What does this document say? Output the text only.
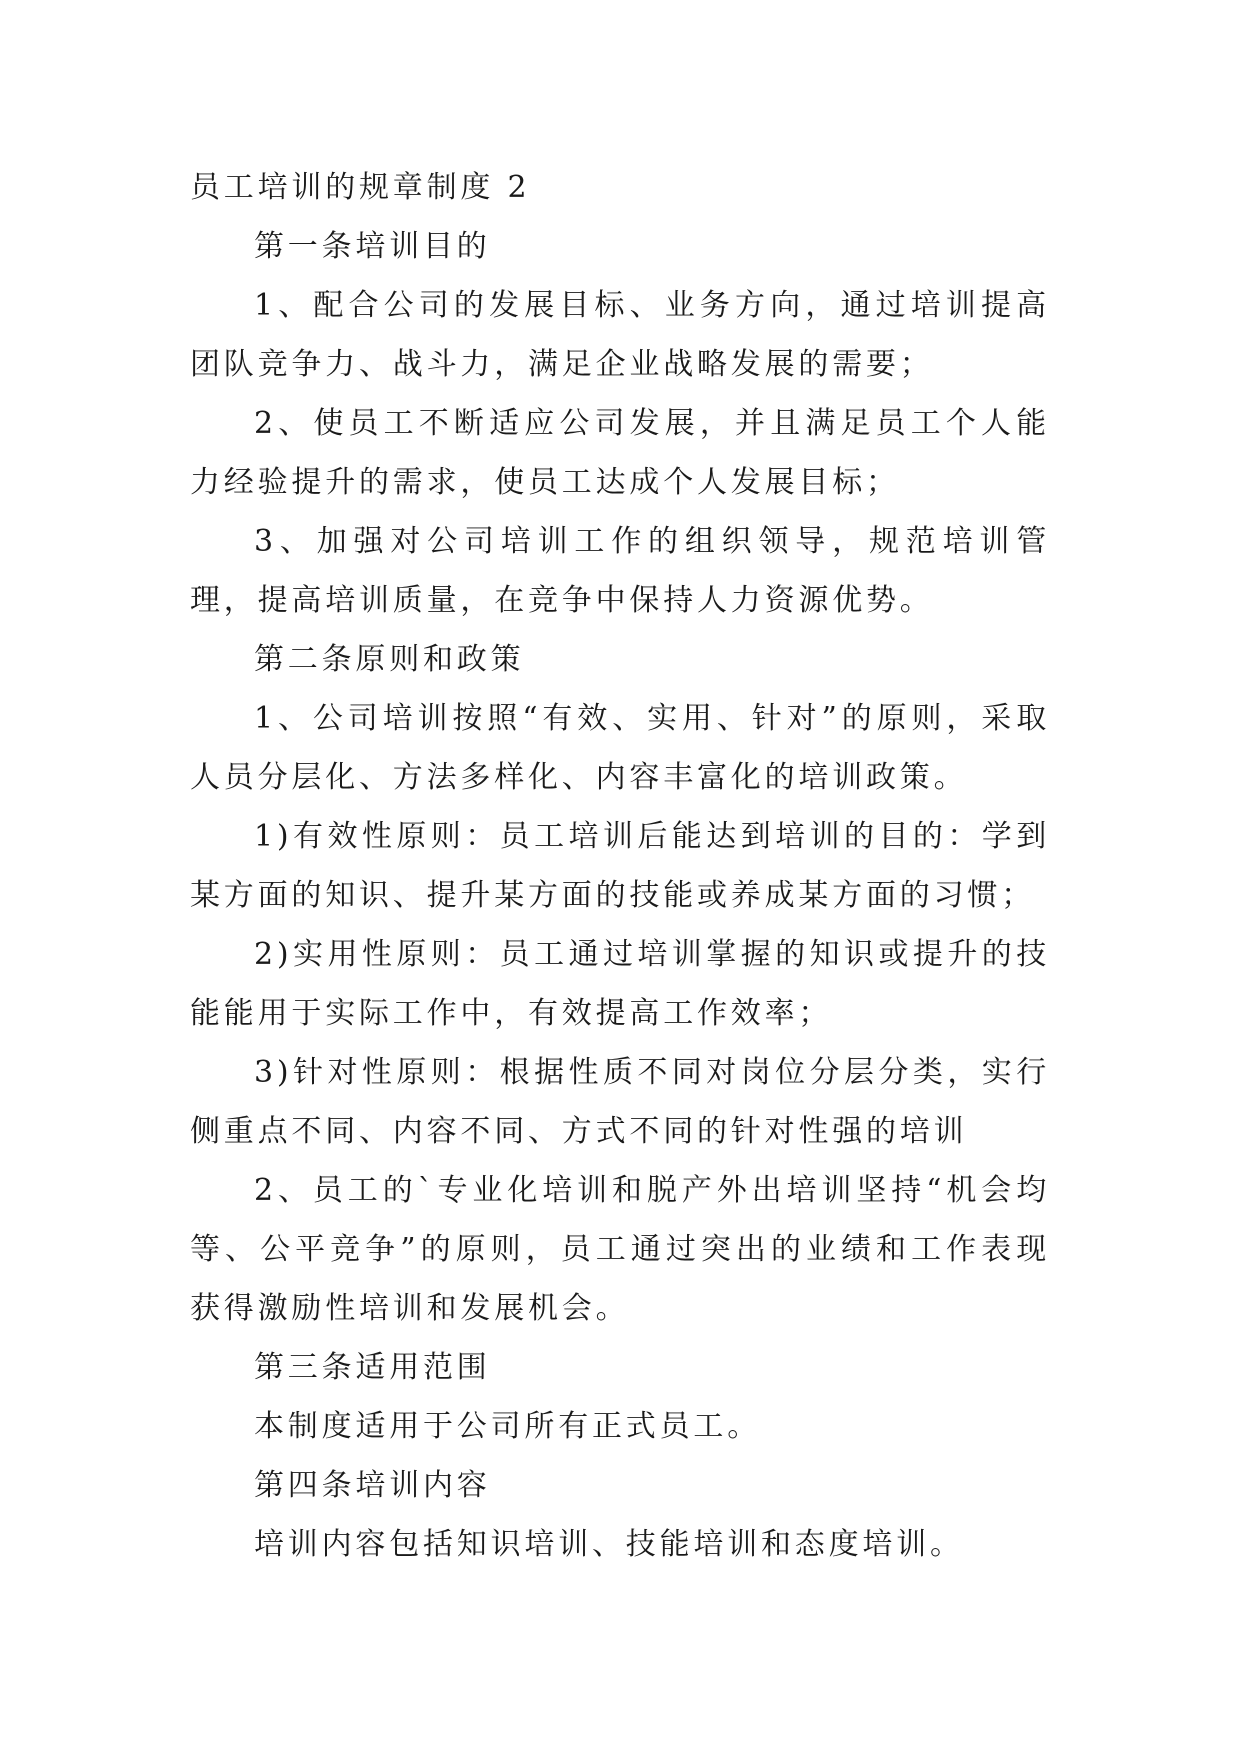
员工培训的规章制度 2

第一条培训目的

1、配合公司的发展目标、业务方向，通过培训提高团队竞争力、战斗力，满足企业战略发展的需要；

2、使员工不断适应公司发展，并且满足员工个人能力经验提升的需求，使员工达成个人发展目标；

3、加强对公司培训工作的组织领导，规范培训管理，提高培训质量，在竞争中保持人力资源优势。

第二条原则和政策

1、公司培训按照“有效、实用、针对”的原则，采取人员分层化、方法多样化、内容丰富化的培训政策。

1)有效性原则：员工培训后能达到培训的目的：学到某方面的知识、提升某方面的技能或养成某方面的习惯；

2)实用性原则：员工通过培训掌握的知识或提升的技能能用于实际工作中，有效提高工作效率；

3)针对性原则：根据性质不同对岗位分层分类，实行侧重点不同、内容不同、方式不同的针对性强的培训

2、员工的`专业化培训和脱产外出培训坚持“机会均等、公平竞争”的原则，员工通过突出的业绩和工作表现获得激励性培训和发展机会。

第三条适用范围

本制度适用于公司所有正式员工。

第四条培训内容

培训内容包括知识培训、技能培训和态度培训。
